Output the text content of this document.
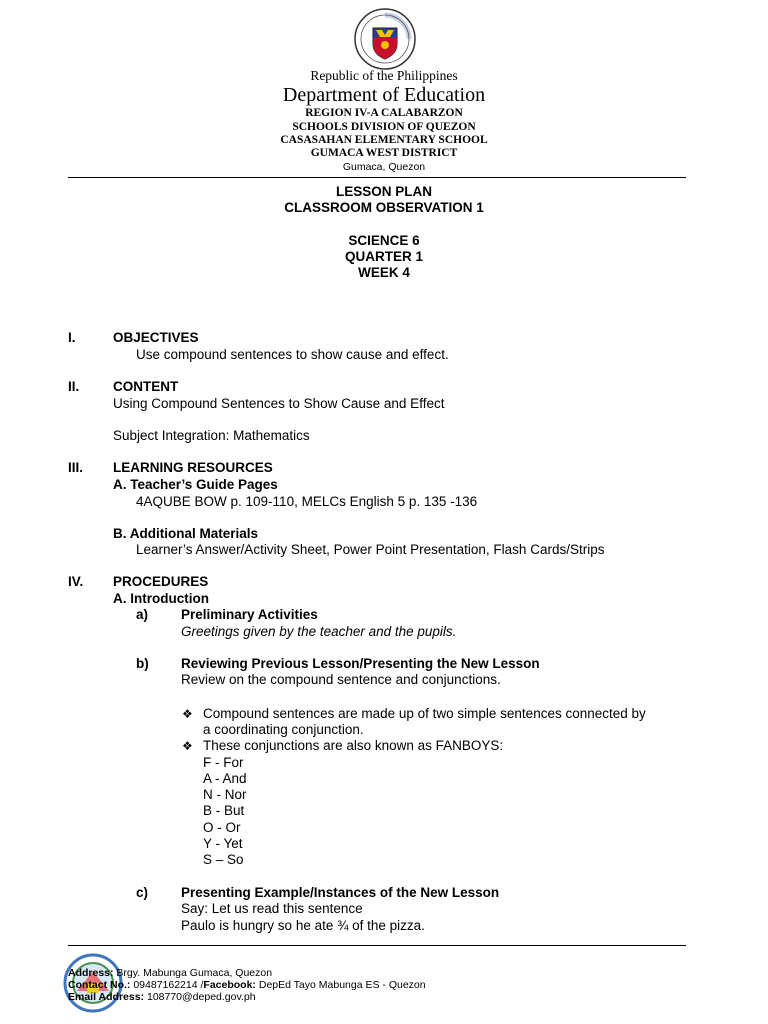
Republic of the Philippines
Department of Education
REGION IV-A CALABARZON
SCHOOLS DIVISION OF QUEZON
CASASAHAN ELEMENTARY SCHOOL
GUMACA WEST DISTRICT
Gumaca, Quezon
LESSON PLAN
CLASSROOM OBSERVATION 1
SCIENCE 6
QUARTER 1
WEEK 4
I.	OBJECTIVES
Use compound sentences to show cause and effect.
II. CONTENT
Using Compound Sentences to Show Cause and Effect
Subject Integration: Mathematics
III. LEARNING RESOURCES
A. Teacher’s Guide Pages
4AQUBE BOW p. 109-110, MELCs English 5 p. 135 -136
B. Additional Materials
Learner’s Answer/Activity Sheet, Power Point Presentation, Flash Cards/Strips
IV. PROCEDURES
A. Introduction
a) Preliminary Activities
Greetings given by the teacher and the pupils.
b) Reviewing Previous Lesson/Presenting the New Lesson
Review on the compound sentence and conjunctions.
❖ Compound sentences are made up of two simple sentences connected by
a coordinating conjunction.
❖ These conjunctions are also known as FANBOYS:
F - For
A - And
N - Nor
B - But
O - Or
Y - Yet
S – So
c) Presenting Example/Instances of the New Lesson
Say: Let us read this sentence
Paulo is hungry so he ate ¾ of the pizza.
Address: Brgy. Mabunga Gumaca, Quezon
Contact No.: 09487162214 /Facebook: DepEd Tayo Mabunga ES - Quezon
Email Address: 108770@deped.gov.ph
